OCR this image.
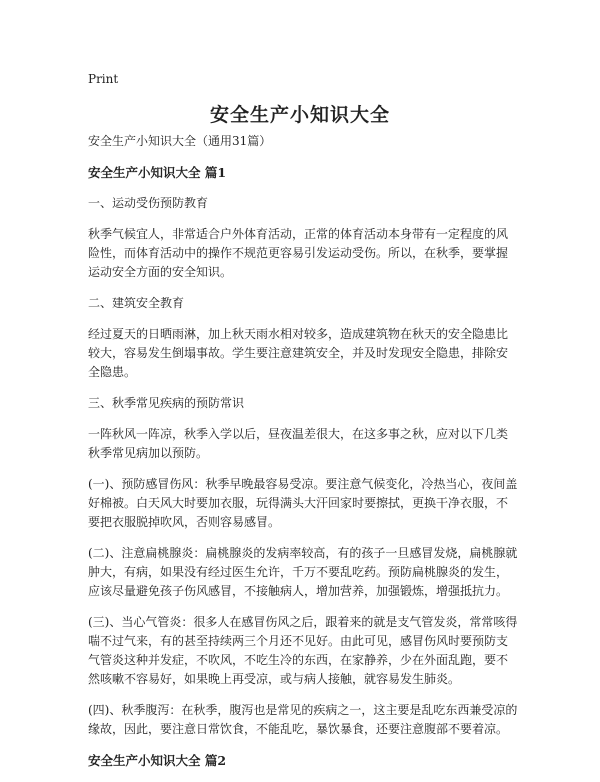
Print
安全生产小知识大全

安全生产小知识大全（通用31篇）

安全生产小知识大全 篇1

一、运动受伤预防教育

秋季气候宜人，非常适合户外体育活动，正常的体育活动本身带有一定程度的风险性，而体育活动中的操作不规范更容易引发运动受伤。所以，在秋季，要掌握运动安全方面的安全知识。

二、建筑安全教育

经过夏天的日晒雨淋，加上秋天雨水相对较多，造成建筑物在秋天的安全隐患比较大，容易发生倒塌事故。学生要注意建筑安全，并及时发现安全隐患，排除安全隐患。

三、秋季常见疾病的预防常识

一阵秋风一阵凉，秋季入学以后，昼夜温差很大，在这多事之秋，应对以下几类秋季常见病加以预防。

(一)、预防感冒伤风：秋季早晚最容易受凉。要注意气候变化，冷热当心，夜间盖好棉被。白天风大时要加衣服，玩得满头大汗回家时要擦拭，更换干净衣服，不要把衣服脱掉吹风，否则容易感冒。

(二)、注意扁桃腺炎：扁桃腺炎的发病率较高，有的孩子一旦感冒发烧，扁桃腺就肿大，有病，如果没有经过医生允许，千万不要乱吃药。预防扁桃腺炎的发生，应该尽量避免孩子伤风感冒，不接触病人，增加营养，加强锻炼，增强抵抗力。

(三)、当心气管炎：很多人在感冒伤风之后，跟着来的就是支气管发炎，常常咳得喘不过气来，有的甚至持续两三个月还不见好。由此可见，感冒伤风时要预防支气管炎这种并发症，不吹风，不吃生冷的东西，在家静养，少在外面乱跑，要不然咳嗽不容易好，如果晚上再受凉，或与病人接触，就容易发生肺炎。

(四)、秋季腹泻：在秋季，腹泻也是常见的疾病之一，这主要是乱吃东西兼受凉的缘故，因此，要注意日常饮食，不能乱吃，暴饮暴食，还要注意腹部不要着凉。

安全生产小知识大全 篇2
